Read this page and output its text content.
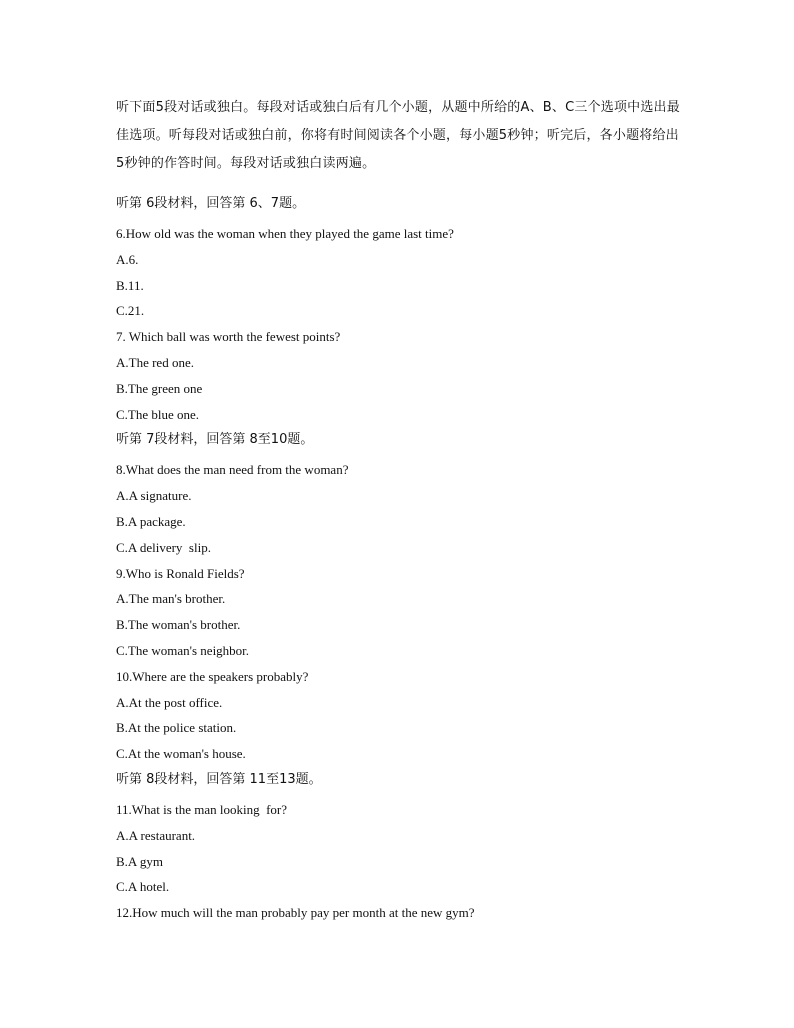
听下面5段对话或独白。每段对话或独白后有几个小题，从题中所给的A、B、C三个选项中选出最佳选项。听每段对话或独白前，你将有时间阅读各个小题，每小题5秒钟；听完后，各小题将给出5秒钟的作答时间。每段对话或独白读两遍。

听第 6段材料，回答第 6、7题。
6.How old was the woman when they played the game last time?
A.6.
B.11.
C.21.
7. Which ball was worth the fewest points?
A.The red one.
B.The green one
C.The blue one.
听第 7段材料，回答第 8至10题。
8.What does the man need from the woman?
A.A signature.
B.A package.
C.A delivery  slip.
9.Who is Ronald Fields?
A.The man's brother.
B.The woman's brother.
C.The woman's neighbor.
10.Where are the speakers probably?
A.At the post office.
B.At the police station.
C.At the woman's house.
听第 8段材料，回答第 11至13题。
11.What is the man looking  for?
A.A restaurant.
B.A gym
C.A hotel.
12.How much will the man probably pay per month at the new gym?
